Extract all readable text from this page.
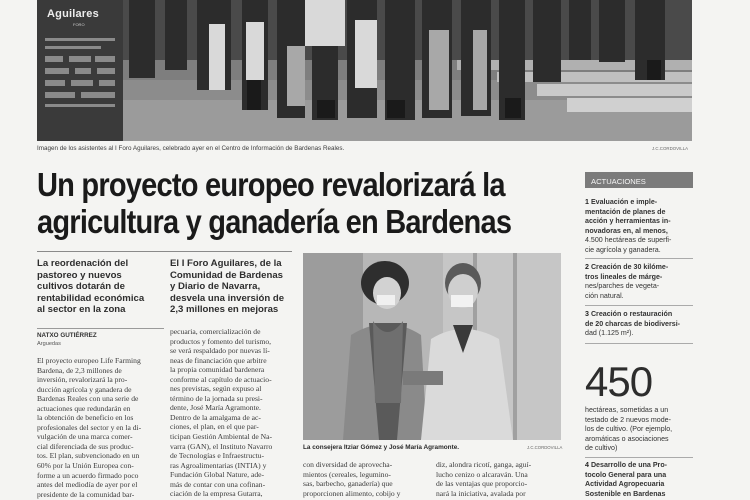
Aguilares
FORO
Imagen de los asistentes al I Foro Aguilares, celebrado ayer en el Centro de Información de Bardenas Reales.	J.C.CORDOVILLA
Un proyecto europeo revalorizará la
agricultura y ganadería en Bardenas
La reordenación del
pastoreo y nuevos
cultivos dotarán de
rentabilidad económica
al sector en la zona
El I Foro Aguilares, de la
Comunidad de Bardenas
y Diario de Navarra,
desvela una inversión de
2,3 millones en mejoras
NATXO GUTIÉRREZ
Arguedas
El proyecto europeo Life Farming
Bardena, de 2,3 millones de
inversión, revalorizará la pro-
ducción agrícola y ganadera de
Bardenas Reales con una serie de
actuaciones que redundarán en
la obtención de beneficio en los
profesionales del sector y en la di-
vulgación de una marca comer-
cial diferenciada de sus produc-
tos. El plan, subvencionado en un
60% por la Unión Europea con-
forme a un acuerdo firmado poco
antes del mediodía de ayer por el
presidente de la comunidad bar-
pecuaria, comercialización de
productos y fomento del turismo,
se verá respaldado por nuevas lí-
neas de financiación que arbitre
la propia comunidad bardenera
conforme al capítulo de actuacio-
nes previstas, según expuso al
término de la jornada su presi-
dente, José María Agramonte.
Dentro de la amalgama de ac-
ciones, el plan, en el que par-
ticipan Gestión Ambiental de Na-
varra (GAN), el Instituto Navarro
de Tecnologías e Infraestructu-
ras Agroalimentarias (INTIA) y
Fundación Global Nature, ade-
más de contar con una cofinan-
ciación de la empresa Gutarra,
La consejera Itziar Gómez y José María Agramonte.	J.C.CORDOVILLA
con diversidad de aprovecha-
mientos (cereales, legumino-
sas, barbecho, ganadería) que
proporcionen alimento, cobijo y
diz, alondra ricotí, ganga, aguí-
lucho cenizo o alcaraván. Una
de las ventajas que proporcio-
nará la iniciativa, avalada por
ACTUACIONES
1 Evaluación e imple-
mentación de planes de
acción y herramientas in-
novadoras en, al menos,
4.500 hectáreas de superfi-
cie agrícola y ganadera.
2 Creación de 30 kilóme-
tros lineales de márge-
nes/parches de vegeta-
ción natural.
3 Creación o restauración
de 20 charcas de biodiversi-
dad (1.125 m²).
450
hectáreas, sometidas a un
testado de 2 nuevos mode-
los de cultivo. (Por ejemplo,
aromáticas o asociaciones
de cultivo)
4 Desarrollo de una Pro-
tocolo General para una
Actividad Agropecuaria
Sostenible en Bardenas
